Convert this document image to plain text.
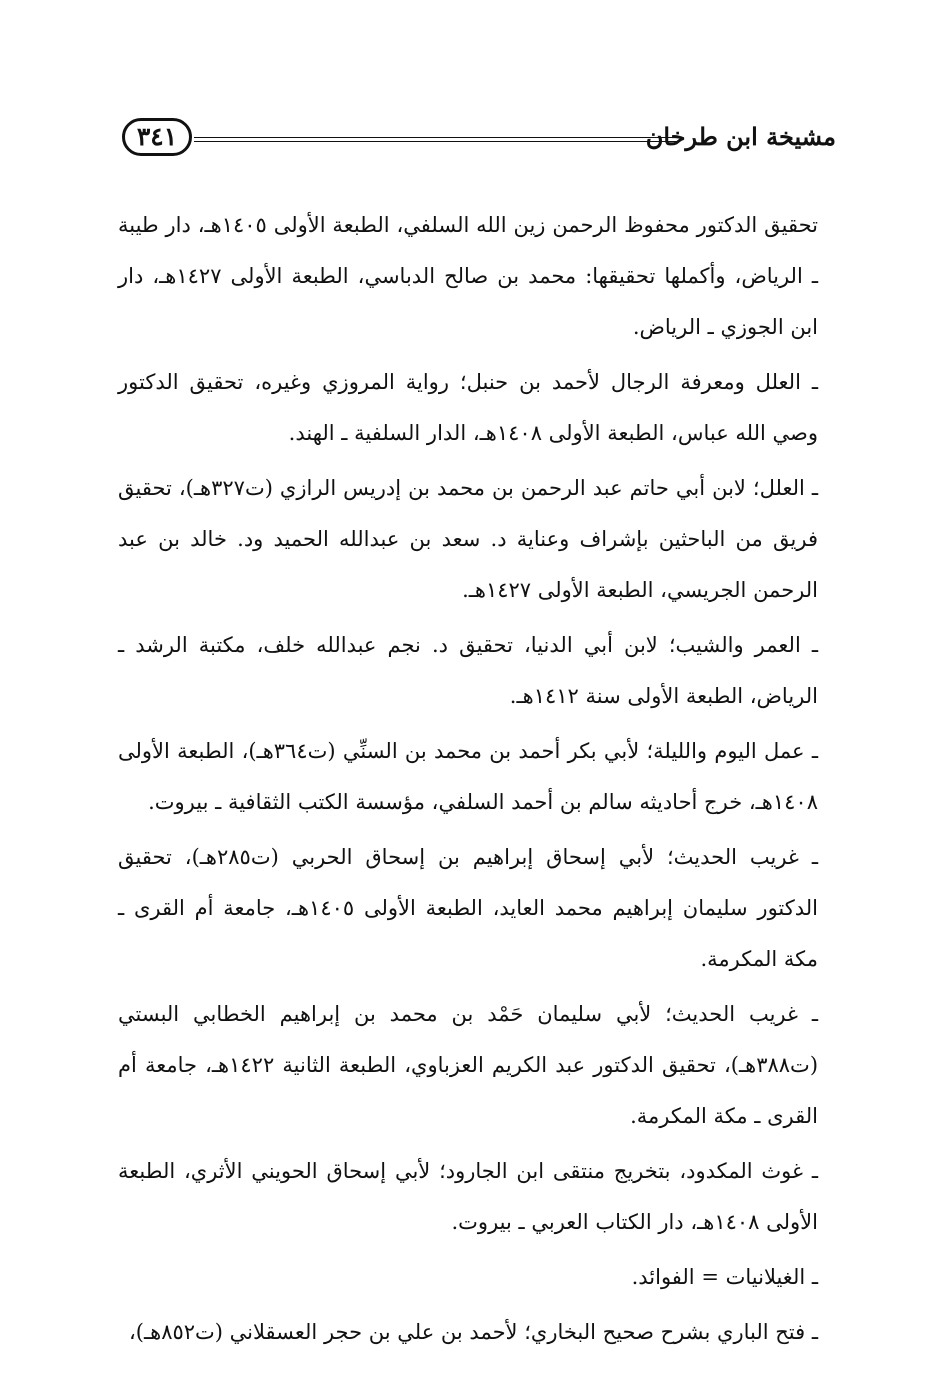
مشيخة ابن طرخان
٣٤١

تحقيق الدكتور محفوظ الرحمن زين الله السلفي، الطبعة الأولى ١٤٠٥هـ، دار طيبة ـ الرياض، وأكملها تحقيقها: محمد بن صالح الدباسي، الطبعة الأولى ١٤٢٧هـ، دار ابن الجوزي ـ الرياض.

ـ العلل ومعرفة الرجال لأحمد بن حنبل؛ رواية المروزي وغيره، تحقيق الدكتور وصي الله عباس، الطبعة الأولى ١٤٠٨هـ، الدار السلفية ـ الهند.

ـ العلل؛ لابن أبي حاتم عبد الرحمن بن محمد بن إدريس الرازي (ت٣٢٧هـ)، تحقيق فريق من الباحثين بإشراف وعناية د. سعد بن عبدالله الحميد ود. خالد بن عبد الرحمن الجريسي، الطبعة الأولى ١٤٢٧هـ.

ـ العمر والشيب؛ لابن أبي الدنيا، تحقيق د. نجم عبدالله خلف، مكتبة الرشد ـ الرياض، الطبعة الأولى سنة ١٤١٢هـ.

ـ عمل اليوم والليلة؛ لأبي بكر أحمد بن محمد بن السنِّي (ت٣٦٤هـ)، الطبعة الأولى ١٤٠٨هـ، خرج أحاديثه سالم بن أحمد السلفي، مؤسسة الكتب الثقافية ـ بيروت.

ـ غريب الحديث؛ لأبي إسحاق إبراهيم بن إسحاق الحربي (ت٢٨٥هـ)، تحقيق الدكتور سليمان إبراهيم محمد العايد، الطبعة الأولى ١٤٠٥هـ، جامعة أم القرى ـ مكة المكرمة.

ـ غريب الحديث؛ لأبي سليمان حَمْد بن محمد بن إبراهيم الخطابي البستي (ت٣٨٨هـ)، تحقيق الدكتور عبد الكريم العزباوي، الطبعة الثانية ١٤٢٢هـ، جامعة أم القرى ـ مكة المكرمة.

ـ غوث المكدود، بتخريج منتقى ابن الجارود؛ لأبي إسحاق الحويني الأثري، الطبعة الأولى ١٤٠٨هـ، دار الكتاب العربي ـ بيروت.

ـ الغيلانيات = الفوائد.

ـ فتح الباري بشرح صحيح البخاري؛ لأحمد بن علي بن حجر العسقلاني (ت٨٥٢هـ)،
